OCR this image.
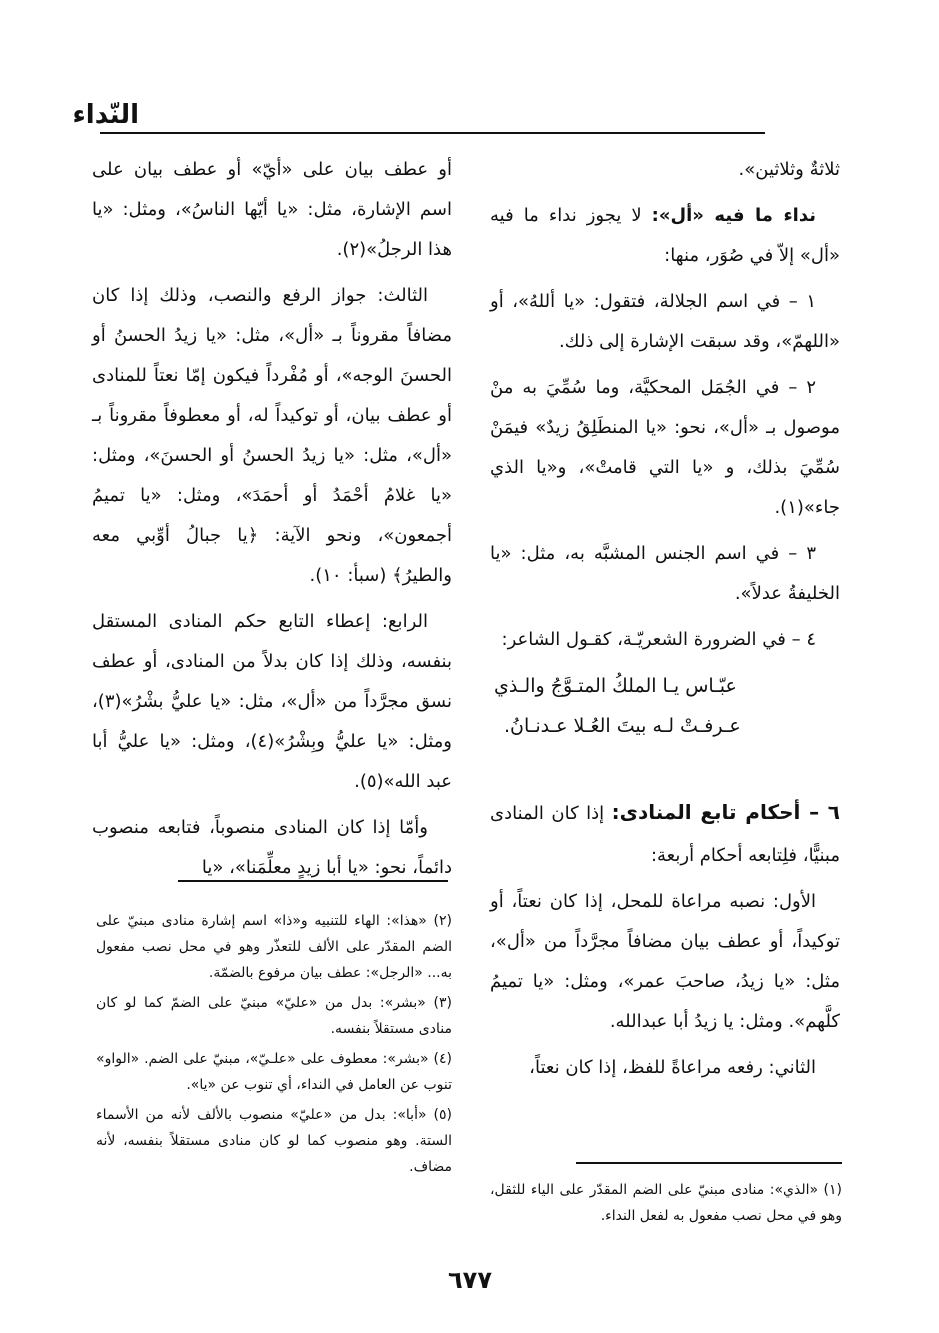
النّداء

ثلاثةٌ وثلاثين».

نداء ما فيه «أل»: لا يجوز نداء ما فيه «أل» إلاّ في صُوَر، منها:

١ – في اسم الجلالة، فتقول: «يا أللهُ»، أو «اللهمّ»، وقد سبقت الإشارة إلى ذلك.

٢ – في الجُمَل المحكيَّة، وما سُمِّيَ به منْ موصول بـ «أل»، نحو: «يا المنطَلِقُ زيدٌ» فيمَنْ سُمِّيَ بذلك، و «يا التي قامتْ»، و«يا الذي جاء»(١).

٣ – في اسم الجنس المشبَّه به، مثل: «يا الخليفةُ عدلاً».

٤ – في الضرورة الشعريّـة، كقـول الشاعر:

عبّـاس يـا الملكُ المتـوَّجُ والـذي
عـرفـتْ لـه بيتَ العُـلا عـدنـانُ.

٦ – أحكام تابع المنادى: إذا كان المنادى مبنيًّا، فلِتابعه أحكام أربعة:

الأول: نصبه مراعاة للمحل، إذا كان نعتاً، أو توكيداً، أو عطف بيان مضافاً مجرَّداً من «أل»، مثل: «يا زيدُ، صاحبَ عمر»، ومثل: «يا تميمُ كلَّهم». ومثل: يا زيدُ أبا عبدالله.

الثاني: رفعه مراعاةً للفظ، إذا كان نعتاً،

أو عطف بيان على «أيّ» أو عطف بيان على اسم الإشارة، مثل: «يا أيّها الناسُ»، ومثل: «يا هذا الرجلُ»(٢).

الثالث: جواز الرفع والنصب، وذلك إذا كان مضافاً مقروناً بـ «أل»، مثل: «يا زيدُ الحسنُ أو الحسنَ الوجه»، أو مُفْرداً فيكون إمّا نعتاً للمنادى أو عطف بيان، أو توكيداً له، أو معطوفاً مقروناً بـ «أل»، مثل: «يا زيدُ الحسنُ أو الحسنَ»، ومثل: «يا غلامُ أحْمَدُ أو أحمَدَ»، ومثل: «يا تميمُ أجمعون»، ونحو الآية: ﴿يا جبالُ أوِّبي معه والطيرُ﴾ (سبأ: ١٠).

الرابع: إعطاء التابع حكم المنادى المستقل بنفسه، وذلك إذا كان بدلاً من المنادى، أو عطف نسق مجرَّداً من «أل»، مثل: «يا عليُّ بشْرُ»(٣)، ومثل: «يا عليُّ وبِشْرُ»(٤)، ومثل: «يا عليُّ أبا عبد الله»(٥).

وأمّا إذا كان المنادى منصوباً، فتابعه منصوب دائماً، نحو: «يا أبا زيدٍ معلِّمَنا»، «يا

(٢) «هذا»: الهاء للتنبيه و«ذا» اسم إشارة منادى مبنيّ على الضم المقدّر على الألف للتعذّر وهو في محل نصب مفعول به... «الرجل»: عطف بيان مرفوع بالضمّة.
(٣) «بشر»: بدل من «عليّ» مبنيّ على الضمّ كما لو كان منادى مستقلاً بنفسه.
(٤) «بشر»: معطوف على «علـيّ»، مبنيّ على الضم. «الواو» تنوب عن العامل في النداء، أي تنوب عن «يا».
(٥) «أبا»: بدل من «عليّ» منصوب بالألف لأنه من الأسماء الستة. وهو منصوب كما لو كان منادى مستقلاً بنفسه، لأنه مضاف.
(١) «الذي»: منادى مبنيّ على الضم المقدّر على الياء للثقل، وهو في محل نصب مفعول به لفعل النداء.
٦٧٧
